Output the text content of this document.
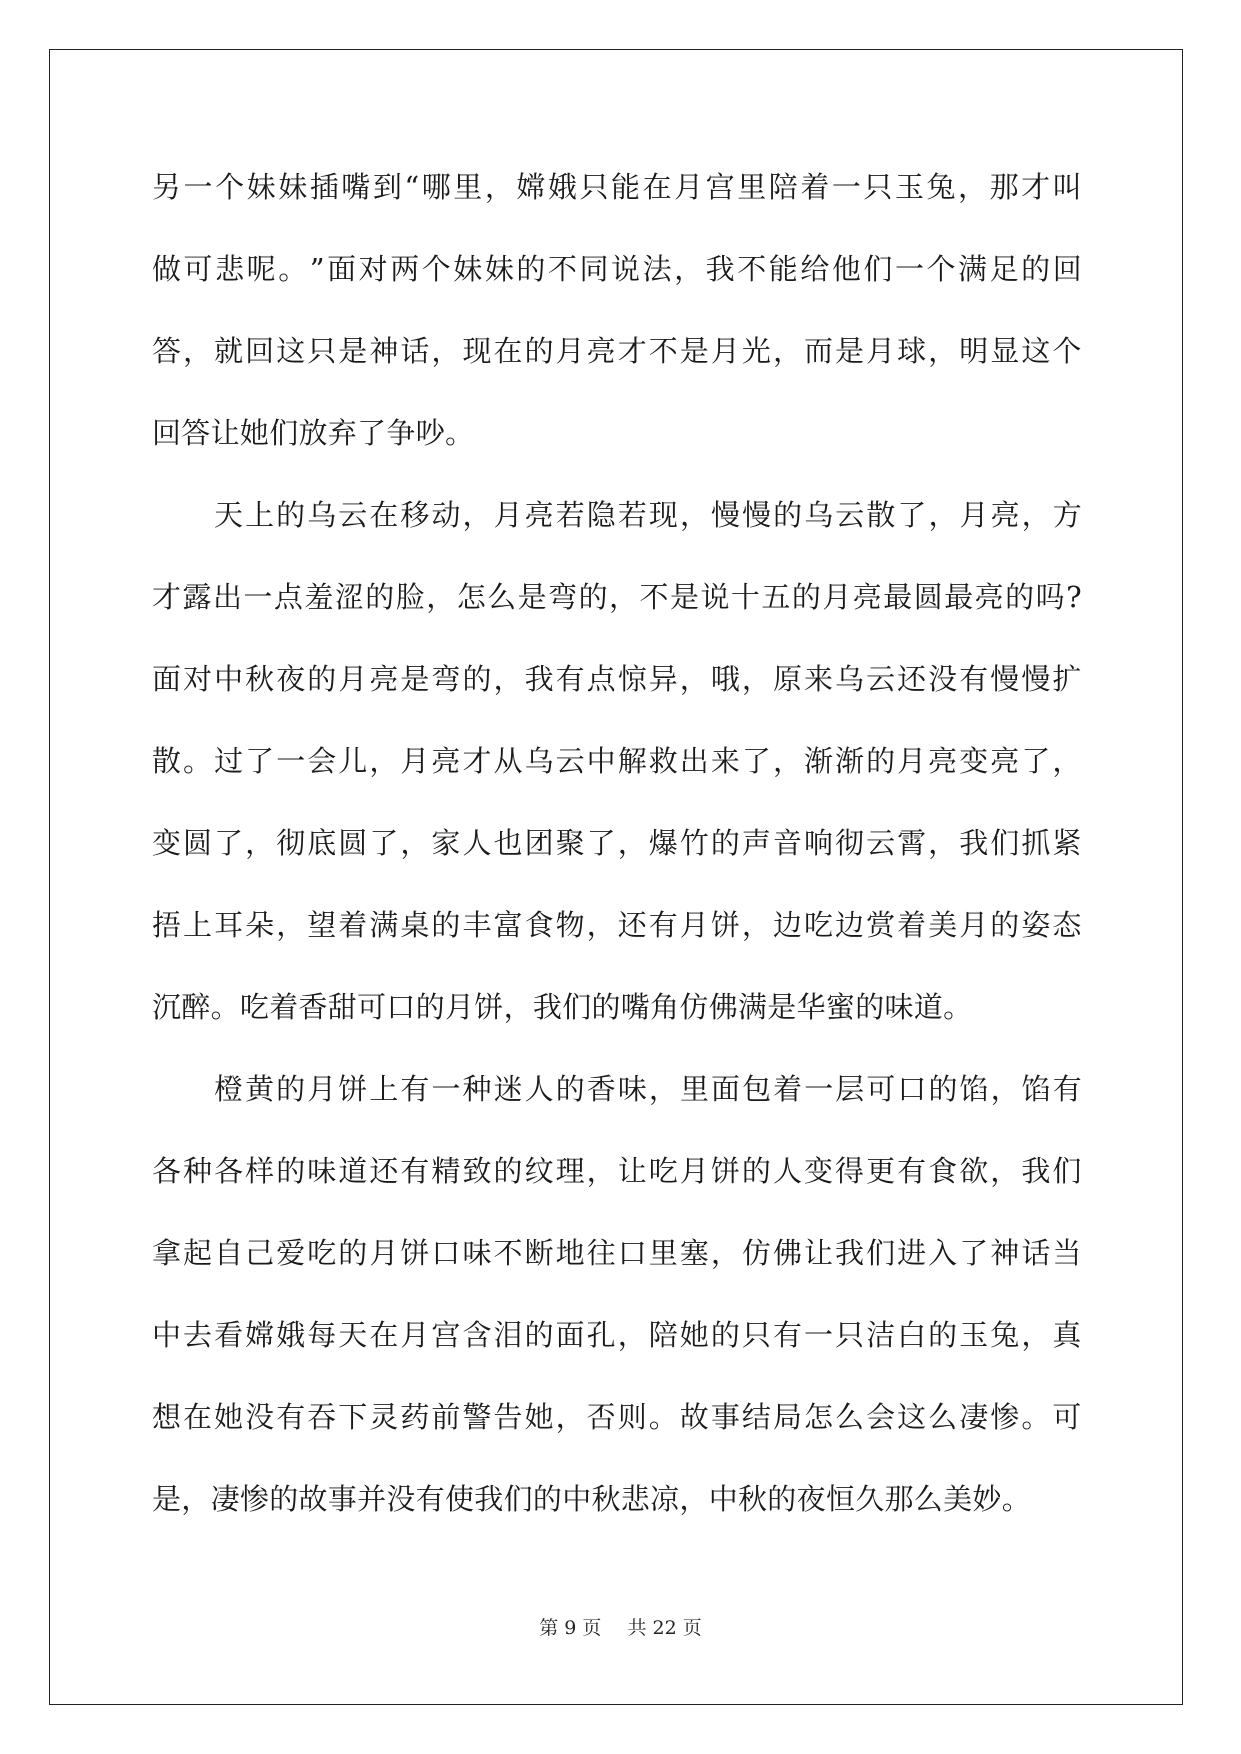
另 一 个 妹 妹 插 嘴 到 “ 哪 里 ， 嫦 娥 只 能 在 月 宫 里 陪 着 一 只 玉 兔 ， 那 才 叫
做 可 悲 呢 。 ” 面 对 两 个 妹 妹 的 不 同 说 法 ， 我 不 能 给 他 们 一 个 满 足 的 回
答 ， 就 回 这 只 是 神 话 ， 现 在 的 月 亮 才 不 是 月 光 ， 而 是 月 球 ， 明 显 这 个
回答让她们放弃了争吵。
天 上 的 乌 云 在 移 动 ， 月 亮 若 隐 若 现 ， 慢 慢 的 乌 云 散 了 ， 月 亮 ， 方
才 露 出 一 点 羞 涩 的 脸 ， 怎 么 是 弯 的 ， 不 是 说 十 五 的 月 亮 最 圆 最 亮 的 吗 ?
面 对 中 秋 夜 的 月 亮 是 弯 的 ， 我 有 点 惊 异 ， 哦 ， 原 来 乌 云 还 没 有 慢 慢 扩
散 。 过 了 一 会 儿 ， 月 亮 才 从 乌 云 中 解 救 出 来 了 ， 渐 渐 的 月 亮 变 亮 了 ，
变 圆 了 ， 彻 底 圆 了 ， 家 人 也 团 聚 了 ， 爆 竹 的 声 音 响 彻 云 霄 ， 我 们 抓 紧
捂 上 耳 朵 ， 望 着 满 桌 的 丰 富 食 物 ， 还 有 月 饼 ， 边 吃 边 赏 着 美 月 的 姿 态
沉醉。吃着香甜可口的月饼，我们的嘴角仿佛满是华蜜的味道。
橙 黄 的 月 饼 上 有 一 种 迷 人 的 香 味 ， 里 面 包 着 一 层 可 口 的 馅 ， 馅 有
各 种 各 样 的 味 道 还 有 精 致 的 纹 理 ， 让 吃 月 饼 的 人 变 得 更 有 食 欲 ， 我 们
拿 起 自 己 爱 吃 的 月 饼 口 味 不 断 地 往 口 里 塞 ， 仿 佛 让 我 们 进 入 了 神 话 当
中 去 看 嫦 娥 每 天 在 月 宫 含 泪 的 面 孔 ， 陪 她 的 只 有 一 只 洁 白 的 玉 兔 ， 真
想 在 她 没 有 吞 下 灵 药 前 警 告 她 ， 否 则 。 故 事 结 局 怎 么 会 这 么 凄 惨 。 可
是，凄惨的故事并没有使我们的中秋悲凉，中秋的夜恒久那么美妙。
第 9 页 共 22 页
